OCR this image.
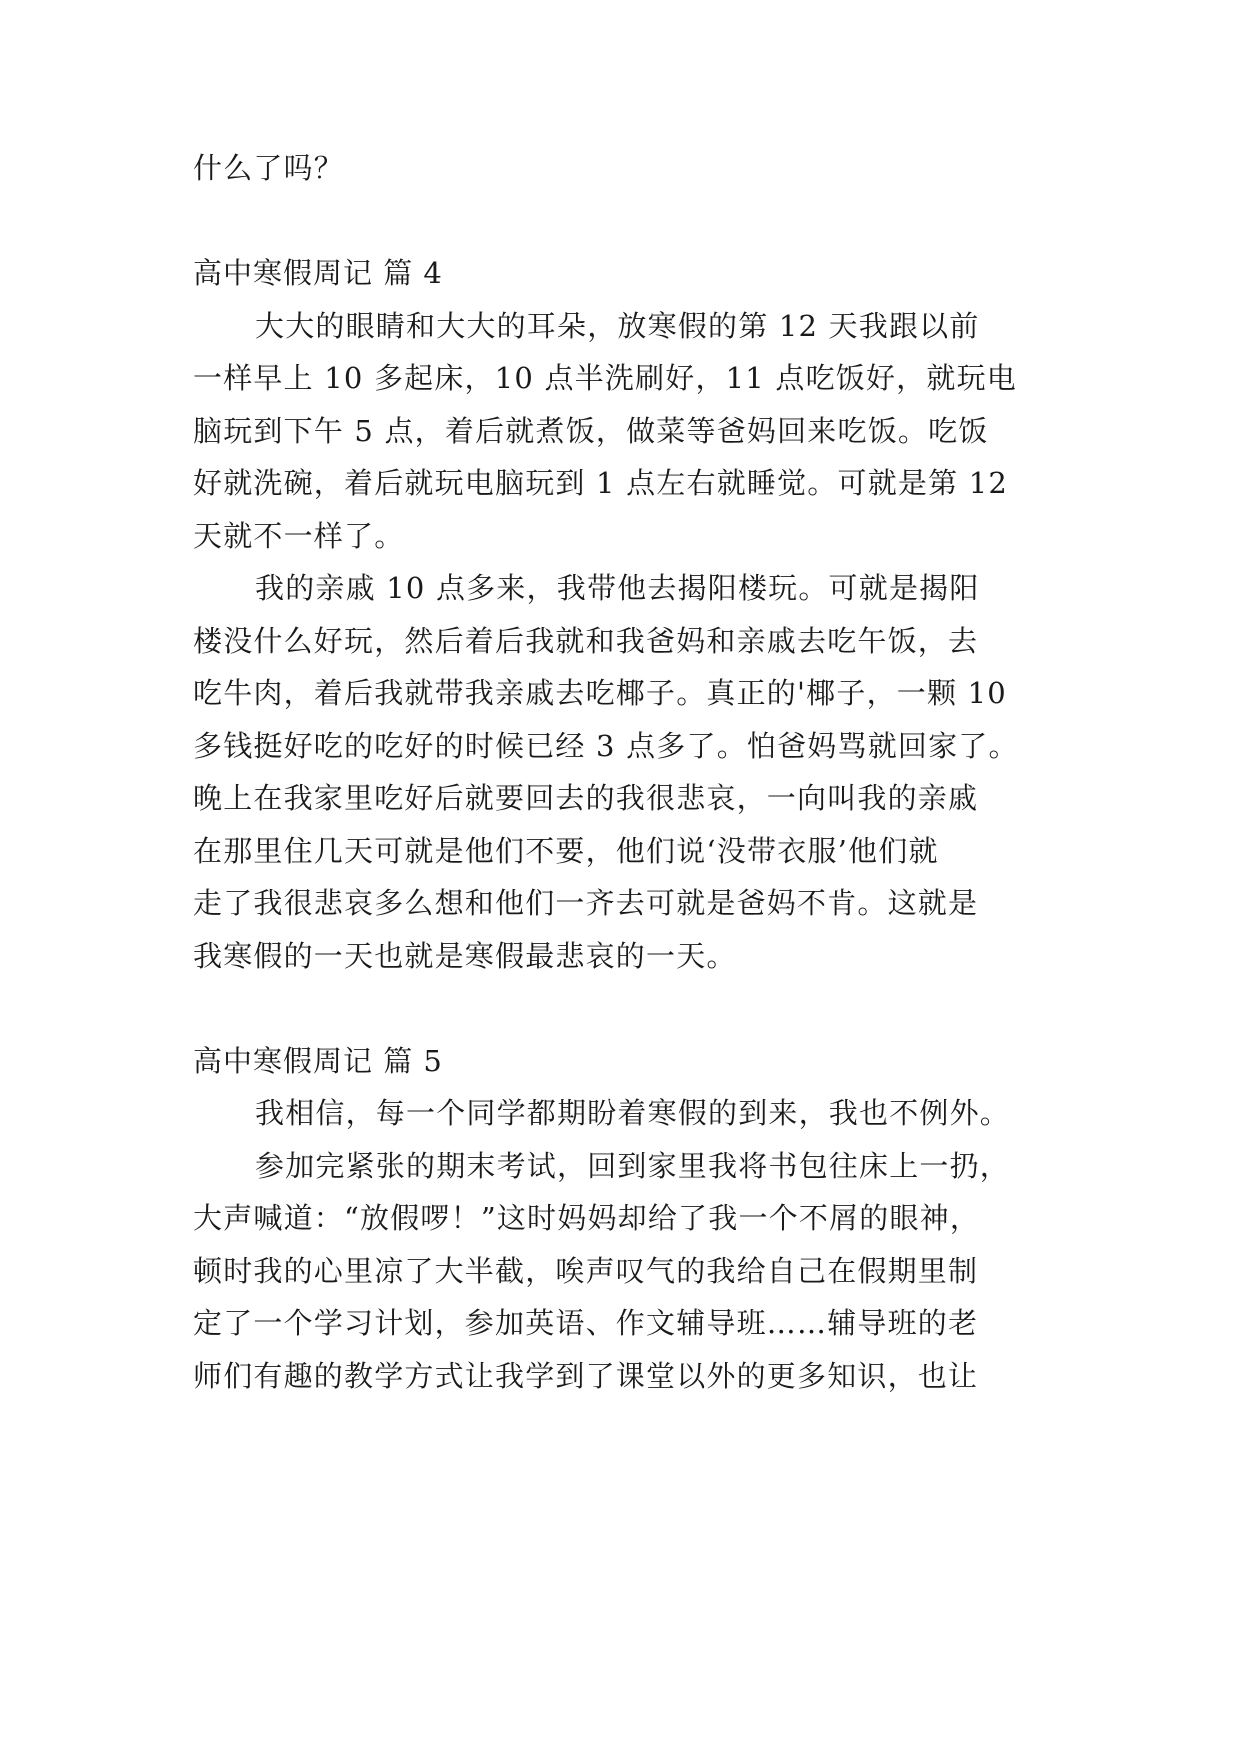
什么了吗？
高中寒假周记 篇 4
大大的眼睛和大大的耳朵，放寒假的第 12 天我跟以前
一样早上 10 多起床，10 点半洗刷好，11 点吃饭好，就玩电
脑玩到下午 5 点，着后就煮饭，做菜等爸妈回来吃饭。吃饭
好就洗碗，着后就玩电脑玩到 1 点左右就睡觉。可就是第 12
天就不一样了。
我的亲戚 10 点多来，我带他去揭阳楼玩。可就是揭阳
楼没什么好玩，然后着后我就和我爸妈和亲戚去吃午饭，去
吃牛肉，着后我就带我亲戚去吃椰子。真正的'椰子，一颗 10
多钱挺好吃的吃好的时候已经 3 点多了。怕爸妈骂就回家了。
晚上在我家里吃好后就要回去的我很悲哀，一向叫我的亲戚
在那里住几天可就是他们不要，他们说‘没带衣服’他们就
走了我很悲哀多么想和他们一齐去可就是爸妈不肯。这就是
我寒假的一天也就是寒假最悲哀的一天。
高中寒假周记 篇 5
我相信，每一个同学都期盼着寒假的到来，我也不例外。
参加完紧张的期末考试，回到家里我将书包往床上一扔，
大声喊道：“放假啰！”这时妈妈却给了我一个不屑的眼神，
顿时我的心里凉了大半截，唉声叹气的我给自己在假期里制
定了一个学习计划，参加英语、作文辅导班……辅导班的老
师们有趣的教学方式让我学到了课堂以外的更多知识，也让
